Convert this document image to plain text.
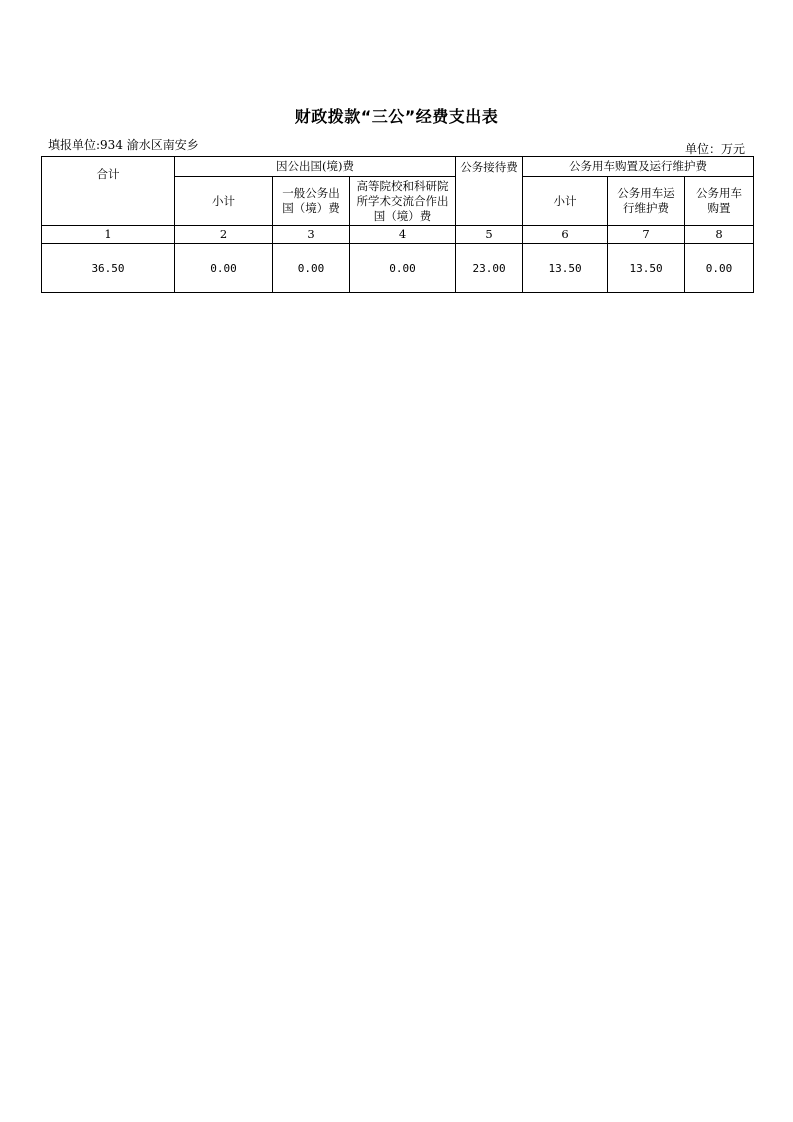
财政拨款“三公”经费支出表
填报单位:934 渝水区南安乡	单位：万元
合计	因公出国(境)费			公务接待费	公务用车购置及运行维护费		
	小计	一般公务出国（境）费	高等院校和科研院所学术交流合作出国（境）费		小计	公务用车运行维护费	公务用车购置
1	2	3	4	5	6	7	8
36.50	0.00	0.00	0.00	23.00	13.50	13.50	0.00
